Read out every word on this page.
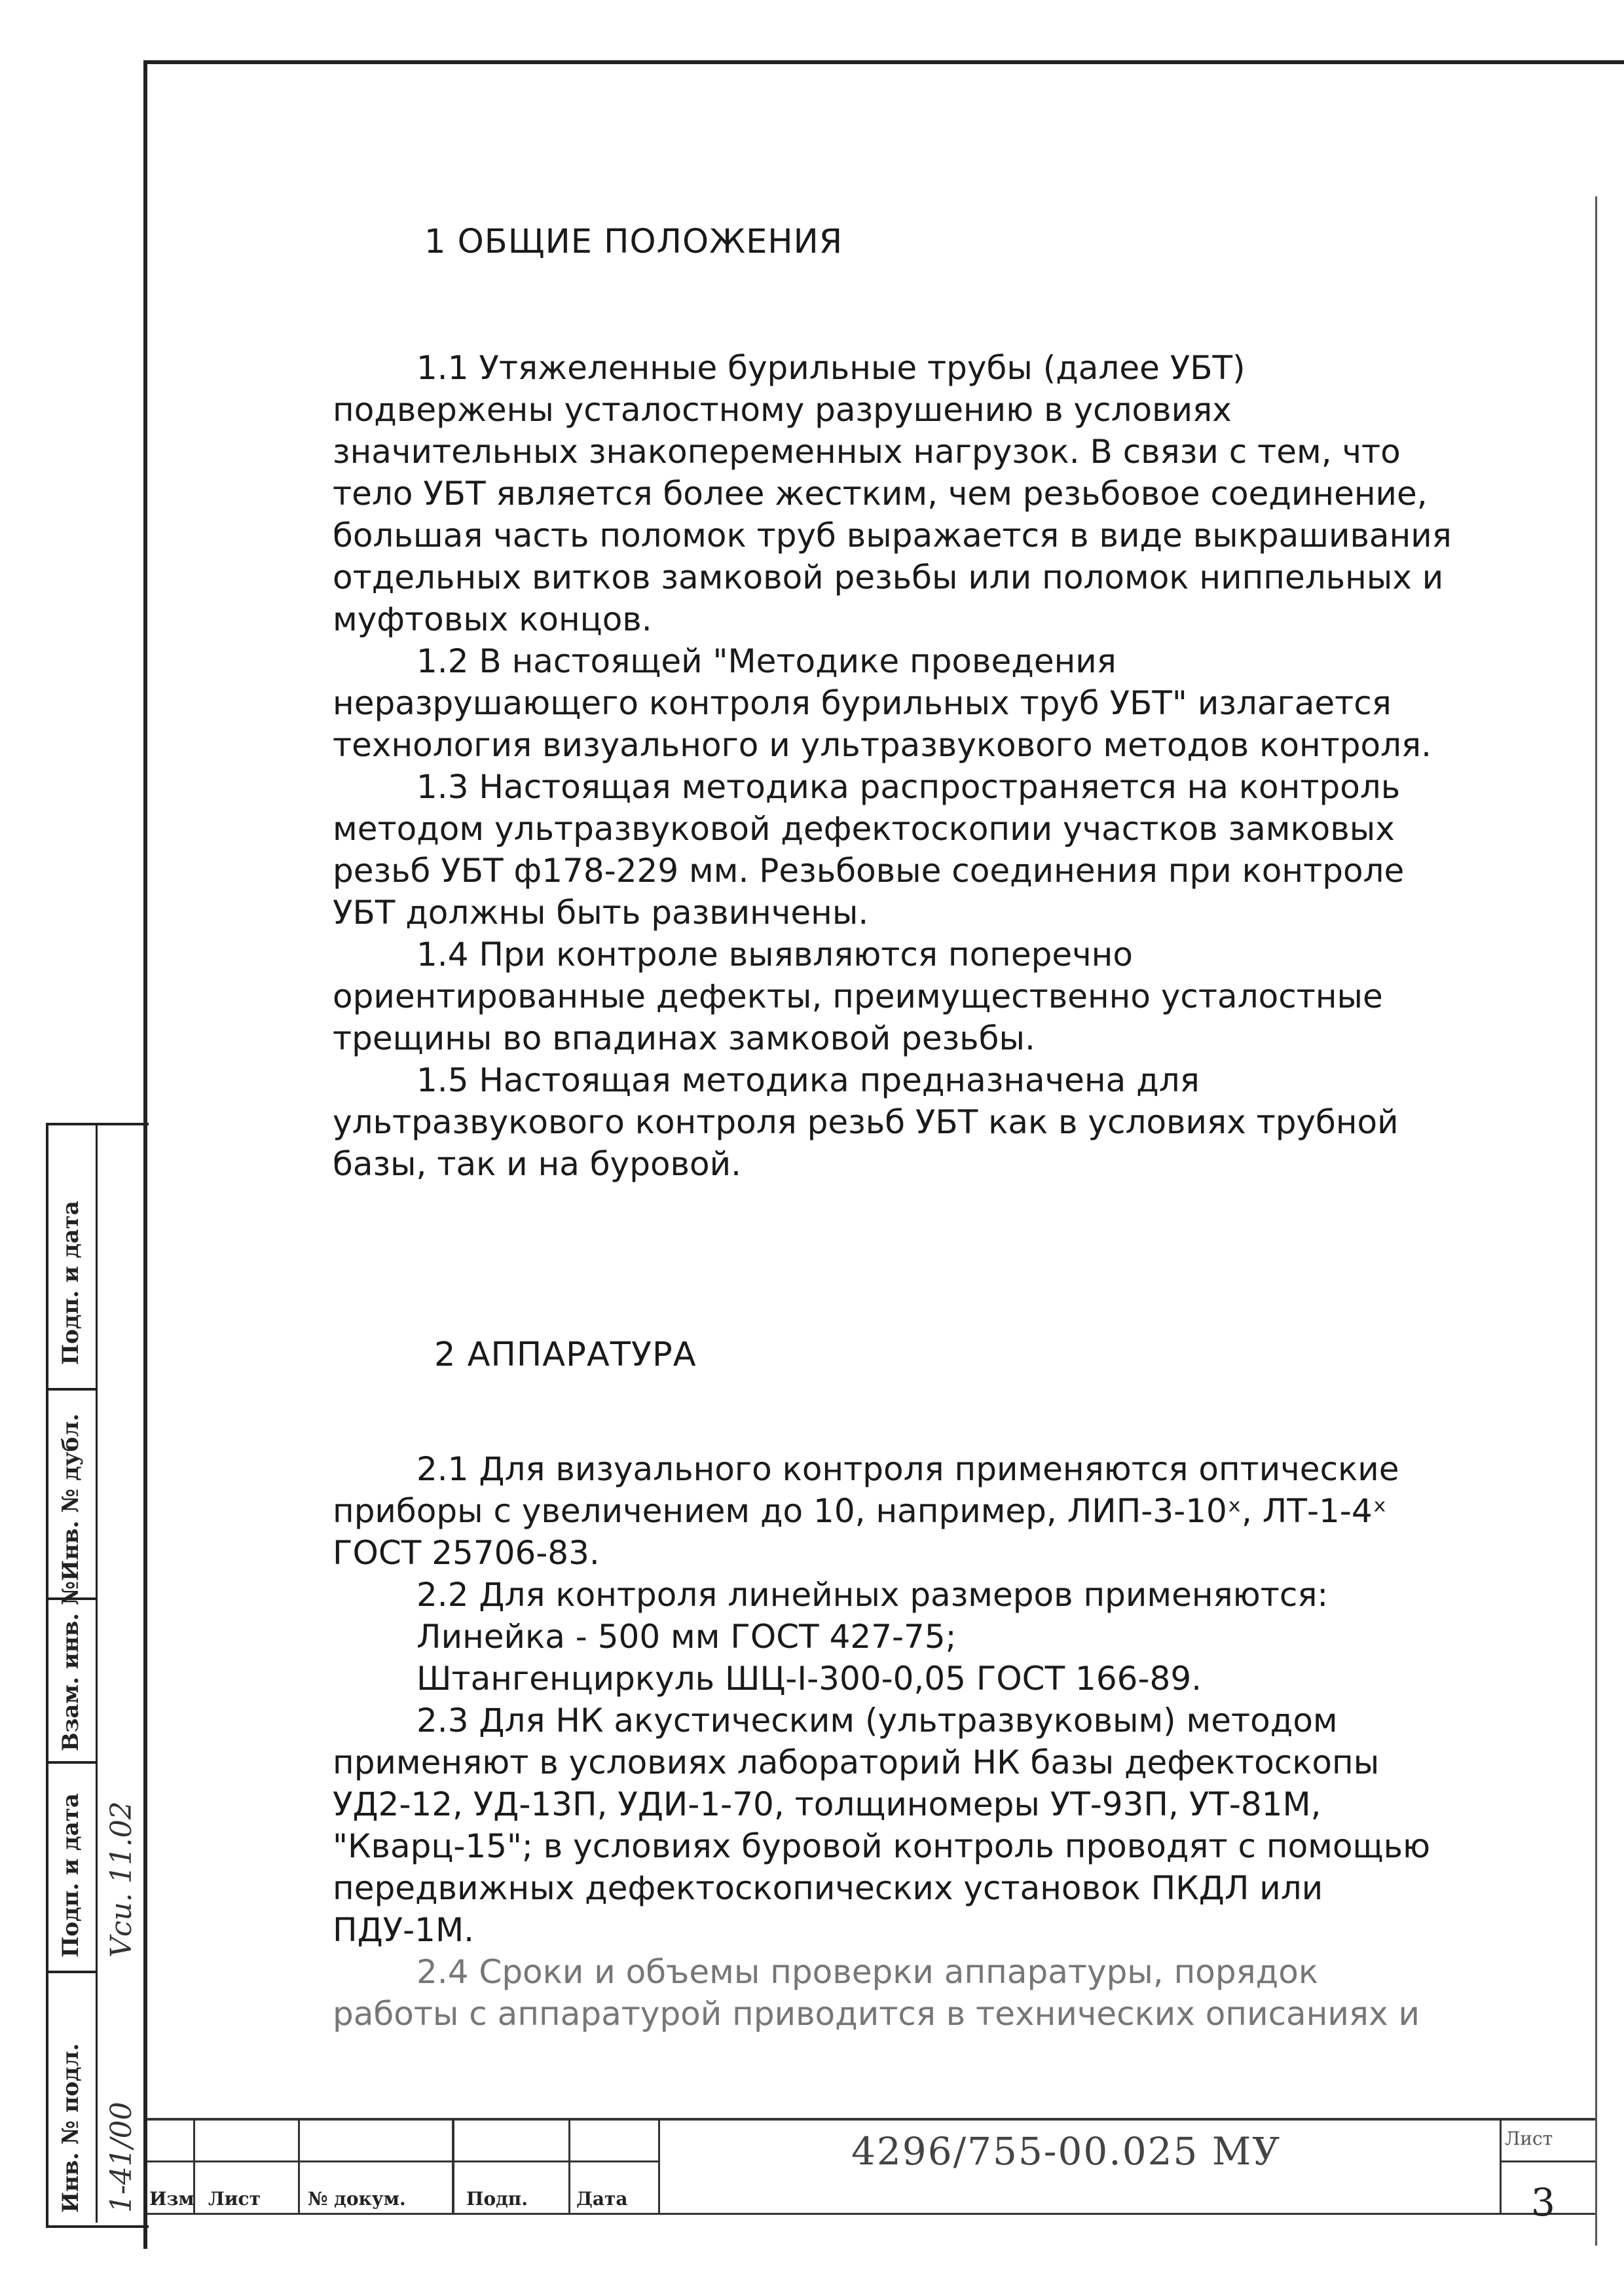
1 ОБЩИЕ ПОЛОЖЕНИЯ
1.1 Утяжеленные бурильные трубы (далее УБТ)
подвержены усталостному разрушению в условиях
значительных знакопеременных нагрузок. В связи с тем, что
тело УБТ является более жестким, чем резьбовое соединение,
большая часть поломок труб выражается в виде выкрашивания
отдельных витков замковой резьбы или поломок ниппельных и
муфтовых концов.
1.2 В настоящей "Методике проведения
неразрушающего контроля бурильных труб УБТ" излагается
технология визуального и ультразвукового методов контроля.
1.3 Настоящая методика распространяется на контроль
методом ультразвуковой дефектоскопии участков замковых
резьб УБТ ф178-229 мм. Резьбовые соединения при контроле
УБТ должны быть развинчены.
1.4 При контроле выявляются поперечно
ориентированные дефекты, преимущественно усталостные
трещины во впадинах замковой резьбы.
1.5 Настоящая методика предназначена для
ультразвукового контроля резьб УБТ как в условиях трубной
базы, так и на буровой.
2 АППАРАТУРА
2.1 Для визуального контроля применяются оптические
приборы с увеличением до 10, например, ЛИП-3-10ˣ, ЛТ-1-4ˣ
ГОСТ 25706-83.
2.2 Для контроля линейных размеров применяются:
Линейка - 500 мм ГОСТ 427-75;
Штангенциркуль ШЦ-I-300-0,05 ГОСТ 166-89.
2.3 Для НК акустическим (ультразвуковым) методом
применяют в условиях лабораторий НК базы дефектоскопы
УД2-12, УД-13П, УДИ-1-70, толщиномеры УТ-93П, УТ-81М,
"Кварц-15"; в условиях буровой контроль проводят с помощью
передвижных дефектоскопических установок ПКДЛ или
ПДУ-1М.
2.4 Сроки и объемы проверки аппаратуры, порядок
работы с аппаратурой приводится в технических описаниях и
Подп. и дата
Инв. № дубл.
Взам. инв. №
Подп. и дата
Инв. № подл. 1-41/00
Vcu. 11.02
Изм Лист	№ докум.	Подп.	Дата
4296/755-00.025 МУ	Лист
3
